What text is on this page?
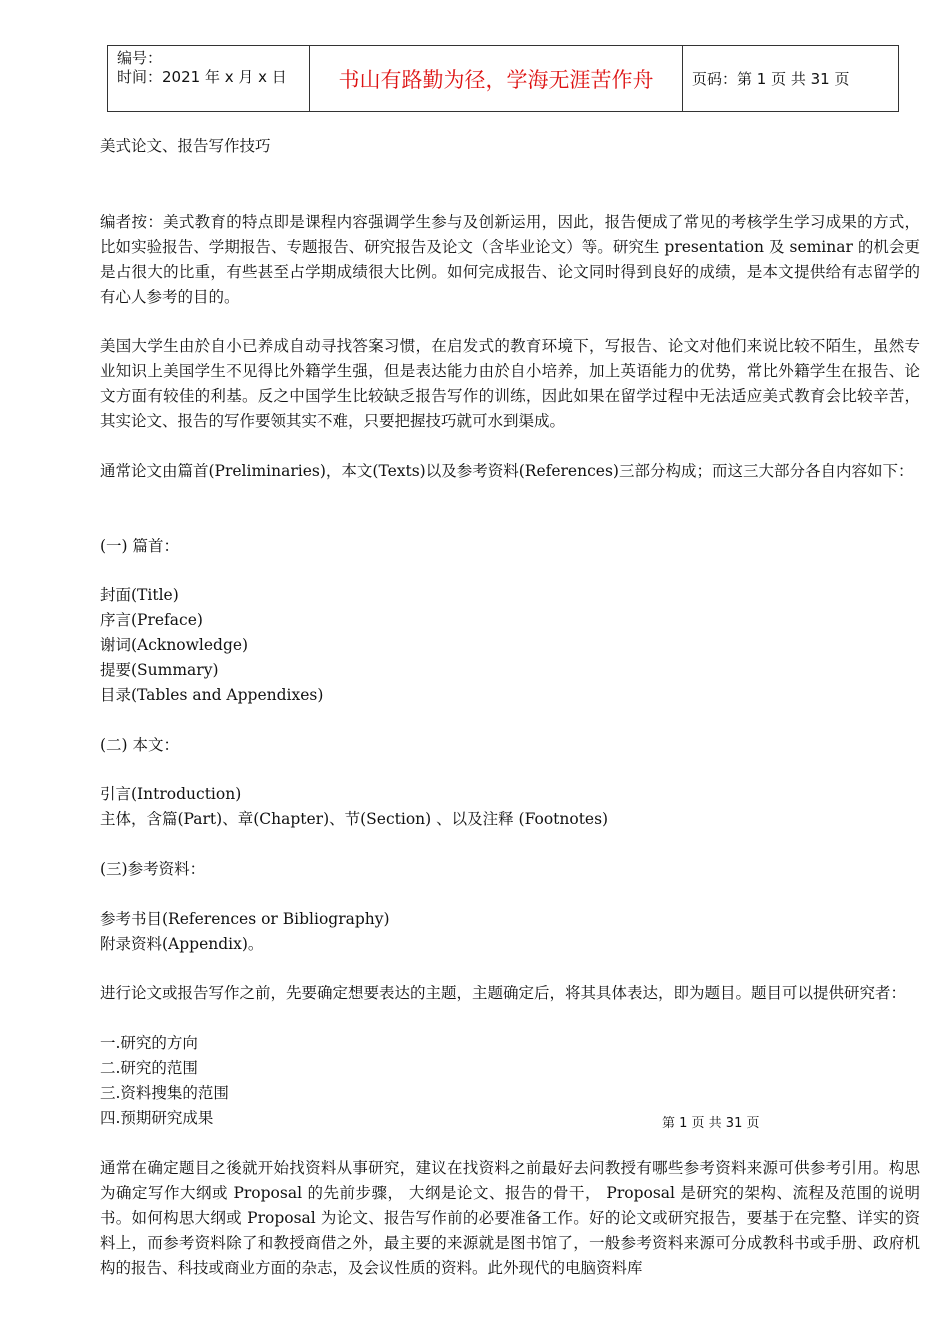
编号：
时间：2021 年 x 月 x 日	书山有路勤为径，学海无涯苦作舟	页码：第 1 页 共 31 页
美式论文、报告写作技巧
编者按：美式教育的特点即是课程内容强调学生参与及创新运用，因此，报告便成了常见的考核学生学习成果的方式，比如实验报告、学期报告、专题报告、研究报告及论文（含毕业论文）等。研究生 presentation 及 seminar 的机会更是占很大的比重，有些甚至占学期成绩很大比例。如何完成报告、论文同时得到良好的成绩，是本文提供给有志留学的有心人参考的目的。
美国大学生由於自小已养成自动寻找答案习惯，在启发式的教育环境下，写报告、论文对他们来说比较不陌生，虽然专业知识上美国学生不见得比外籍学生强，但是表达能力由於自小培养，加上英语能力的优势，常比外籍学生在报告、论文方面有较佳的利基。反之中国学生比较缺乏报告写作的训练，因此如果在留学过程中无法适应美式教育会比较辛苦，其实论文、报告的写作要领其实不难，只要把握技巧就可水到渠成。
通常论文由篇首(Preliminaries)，本文(Texts)以及参考资料(References)三部分构成；而这三大部分各自内容如下：
(一) 篇首：
封面(Title)
序言(Preface)
谢词(Acknowledge)
提要(Summary)
目录(Tables and Appendixes)
(二) 本文：
引言(Introduction)
主体，含篇(Part)、章(Chapter)、节(Section) 、以及注释 (Footnotes)
(三)参考资料：
参考书目(References or Bibliography)
附录资料(Appendix)。
进行论文或报告写作之前，先要确定想要表达的主题，主题确定后，将其具体表达，即为题目。题目可以提供研究者：
一.研究的方向
二.研究的范围
三.资料搜集的范围
四.预期研究成果	第 1 页 共 31 页
通常在确定题目之後就开始找资料从事研究，建议在找资料之前最好去问教授有哪些参考资料来源可供参考引用。构思为确定写作大纲或 Proposal 的先前步骤， 大纲是论文、报告的骨干， Proposal 是研究的架构、流程及范围的说明书。如何构思大纲或 Proposal 为论文、报告写作前的必要准备工作。好的论文或研究报告，要基于在完整、详实的资料上，而参考资料除了和教授商借之外，最主要的来源就是图书馆了，一般参考资料来源可分成教科书或手册、政府机构的报告、科技或商业方面的杂志，及会议性质的资料。此外现代的电脑资料库
